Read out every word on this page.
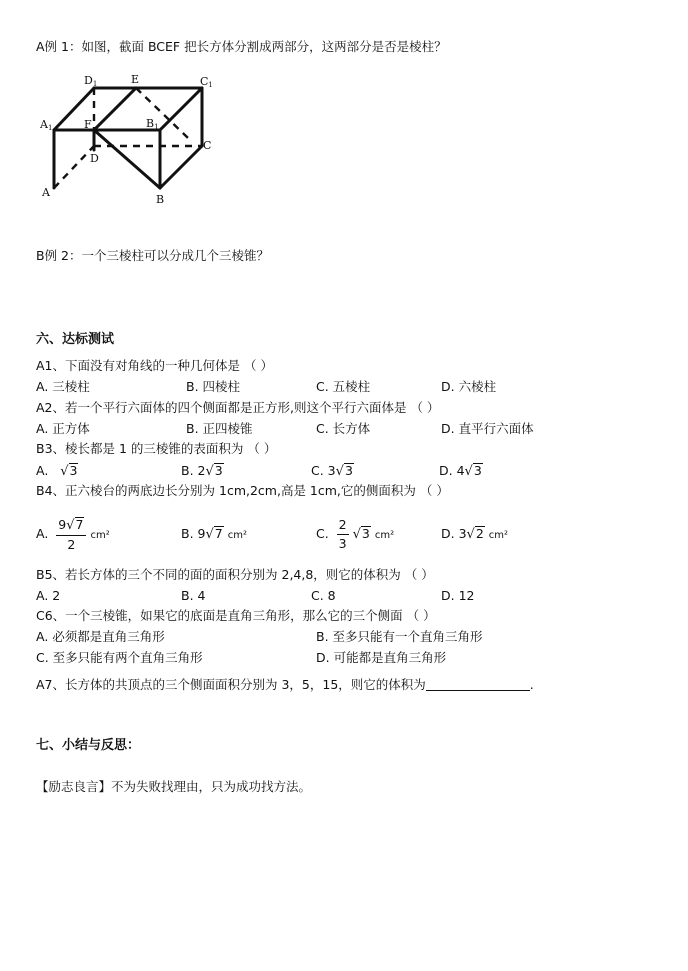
A例 1：如图，截面 BCEF 把长方体分割成两部分，这两部分是否是棱柱？
D1	E	C1
A1	F	B1
C
D
A
B
B例 2：一个三棱柱可以分成几个三棱锥？
六、达标测试
A1、下面没有对角线的一种几何体是 （ ）
A. 三棱柱	B. 四棱柱	C. 五棱柱	D. 六棱柱
A2、若一个平行六面体的四个侧面都是正方形,则这个平行六面体是 （ ）
A. 正方体	B. 正四棱锥	C. 长方体	D. 直平行六面体
B3、棱长都是 1 的三棱锥的表面积为 （ ）
A. √3	B. 2√3	C. 3√3	D. 4√3
B4、正六棱台的两底边长分别为 1cm,2cm,高是 1cm,它的侧面积为 （ ）
A. $\frac{9√7}{2} cm^2$	B. 9√7 cm²	C. $\frac{2}{3} √3$ cm²	D. 3√2 cm²
B5、若长方体的三个不同的面的面积分别为 2,4,8，则它的体积为 （ ）
A. 2	B. 4	C. 8	D. 12
C6、一个三棱锥，如果它的底面是直角三角形，那么它的三个侧面 （ ）
A. 必须都是直角三角形	B. 至多只能有一个直角三角形
C. 至多只能有两个直角三角形	D. 可能都是直角三角形
A7、长方体的共顶点的三个侧面面积分别为 3，5，15，则它的体积为	.
七、小结与反思：
【励志良言】不为失败找理由，只为成功找方法。
